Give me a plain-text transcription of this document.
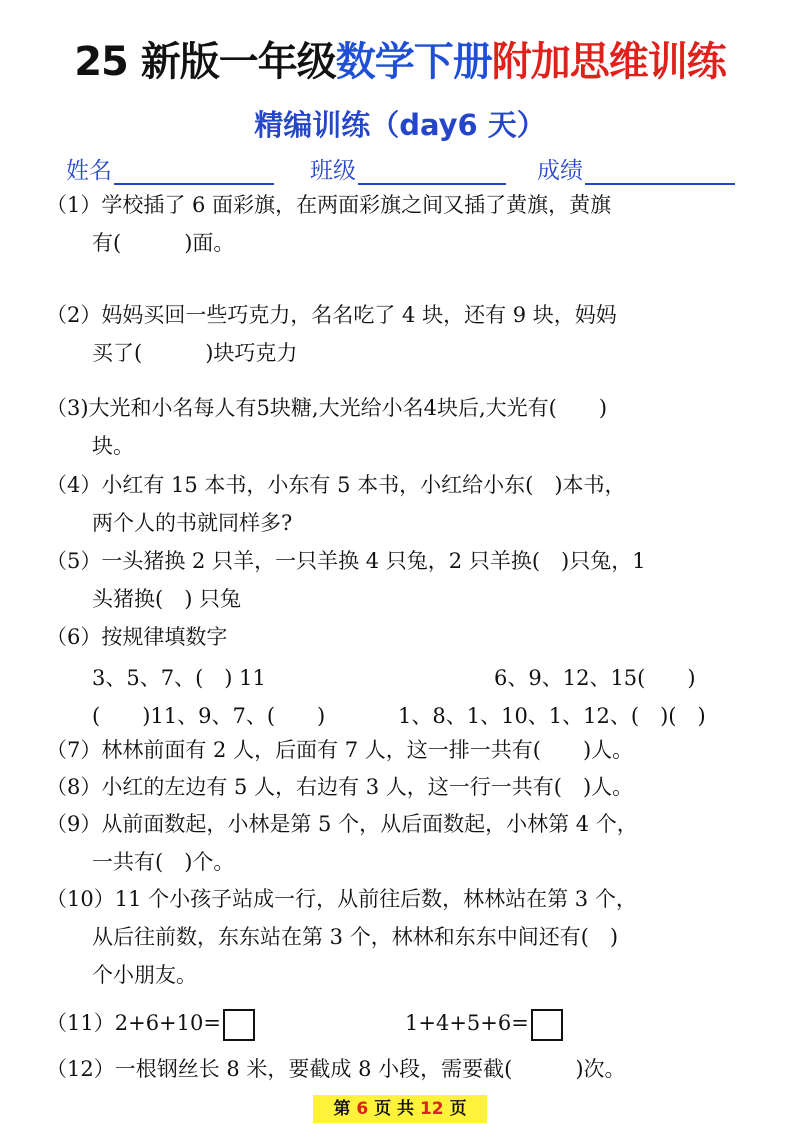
25 新版一年级数学下册附加思维训练
精编训练（day6 天）
姓名	班级	成绩
（1）学校插了 6 面彩旗，在两面彩旗之间又插了黄旗，黄旗
有(　　　)面。
（2）妈妈买回一些巧克力，名名吃了 4 块，还有 9 块，妈妈
买了(　　　)块巧克力
（3)大光和小名每人有5块糖,大光给小名4块后,大光有(　　)
块。
（4）小红有 15 本书，小东有 5 本书，小红给小东(　)本书，
两个人的书就同样多?
（5）一头猪换 2 只羊，一只羊换 4 只兔，2 只羊换(　)只兔，1
头猪换(　) 只兔
（6）按规律填数字
3、5、7、(　) 11	6、9、12、15(　　)
(　　)11、9、7、(　　)	1、8、1、10、1、12、(　)(　)
（7）林林前面有 2 人，后面有 7 人，这一排一共有(　　)人。
（8）小红的左边有 5 人，右边有 3 人，这一行一共有(　)人。
（9）从前面数起，小林是第 5 个，从后面数起，小林第 4 个，
一共有(　)个。
（10）11 个小孩子站成一行，从前往后数，林林站在第 3 个，
从后往前数，东东站在第 3 个，林林和东东中间还有(　)
个小朋友。
（11）2+6+10=	1+4+5+6=
（12）一根钢丝长 8 米，要截成 8 小段，需要截(　　　)次。
第 6 页 共 12 页
